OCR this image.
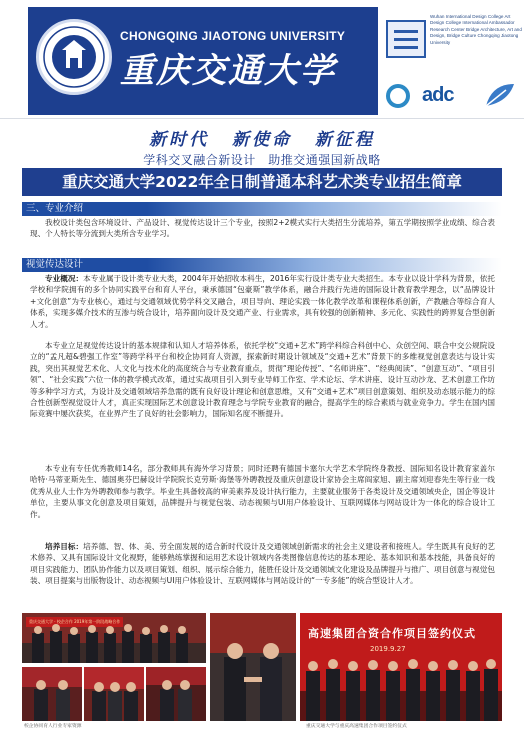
CHONGQING JIAOTONG UNIVERSITY
重庆交通大学
Wuhan International Design College Art Design College International Ambassador Research Center Bridge Architecture, Art and Design, Bridge Culture Chongqing Jiaotong University
adc
新时代 新使命 新征程
学科交叉融合新设计　助推交通强国新战略
重庆交通大学2022年全日制普通本科艺术类专业招生简章
三、专业介绍
我校设计类包含环境设计、产品设计、视觉传达设计三个专业，按照2+2模式实行大类招生分流培养，第五学期按照学业成绩、综合表现、个人特长等分流到大类所含专业学习。
视觉传达设计
专业概况：本专业属于设计类专业大类，2004年开始招收本科生，2016年实行设计类专业大类招生。本专业以设计学科为背景，依托学校和学院拥有的多个协同实践平台和育人平台，秉承德国“包豪斯”教学体系，融合并践行先进的国际设计教育教学理念，以“品牌设计+文化创意”为专业核心，通过与交通领域优势学科交叉融合，项目导向、理论实践一体化教学改革和课程体系创新，产教融合等综合育人体系，实现多媒介技术的互渗与统合设计，培养面向设计及交通产业、行业需求，具有较强的创新精神、多元化、实践性的跨界复合型创新人才。
本专业立足视觉传达设计的基本规律和认知人才培养体系，依托学校“交通+艺术”跨学科综合科创中心、众创空间、联合中交公规院设立的“孟凡超&碧强工作室”等跨学科平台和校企协同育人资源，探索新时期设计领域及“交通+艺术”背景下的多维视觉创意表达与设计实践，突出其视觉艺术化、人文化与技术化的高度统合与专业教育重点，贯彻“理论传授”、“名师讲座”、“经典阅读”、“创意互动”、“项目引领”、“社会实践”六位一体的教学模式改革，通过实战项目引入到专业导师工作室、学术论坛、学术讲座、设计互动沙龙、艺术创意工作坊等多种学习方式，为设计及交通领域培养急需的既有良好设计理论和创意思维，又有“交通+艺术”项目创意策划、组织及动态展示能力的综合性创新型视觉设计人才，真正实现国际艺术创意设计教育理念与学院专业教育的融合，提高学生的综合素质与就业竞争力。学生在国内国际竞赛中屡次获奖，在业界产生了良好的社会影响力，国际知名度不断提升。
本专业有专任优秀教师14名，部分教师具有海外学习背景；同时还聘有德国卡塞尔大学艺术学院终身教授、国际知名设计教育家盖尔哈特·马蒂亚斯先生、德国奥芬巴赫设计学院院长克劳斯·海堡等外聘教授及重庆创意设计家协会主席阎家旭、副主席刘迎春先生等行业一线优秀从业人士作为外聘教师参与教学。毕业生具备较高的审美素养及设计执行能力，主要就业服务于各类设计及交通领域央企，国企等设计单位，主要从事文化创意及项目策划，品牌提升与视觉包装、动态视频与UI用户体验设计、互联网媒体与网站设计为一体化的综合设计工作。
培养目标：培养德、智、体、美、劳全面发展的适合新时代设计及交通领域创新需求的社会主义建设者和接班人。学生既具有良好的艺术修养、又具有国际设计文化视野，能够熟练掌握和运用艺术设计领域内各类图像信息传达的基本理论、基本知识和基本技能，具备良好的项目实践能力、团队协作能力以及项目策划、组织、展示综合能力，能胜任设计及交通领域文化建设及品牌提升与推广、项目创意与视觉包装、项目提案与出版物设计、动态视频与UI用户体验设计、互联网媒体与网站设计的“一专多能”的统合型设计人才。
重庆交通大学 · 校企合作 2019年第一阶段战略合作
高速集团合资合作项目签约仪式
2019.9.27
校企协同育人行业专家资源	重庆交通大学与重庆高速集团合作项目签约仪式
